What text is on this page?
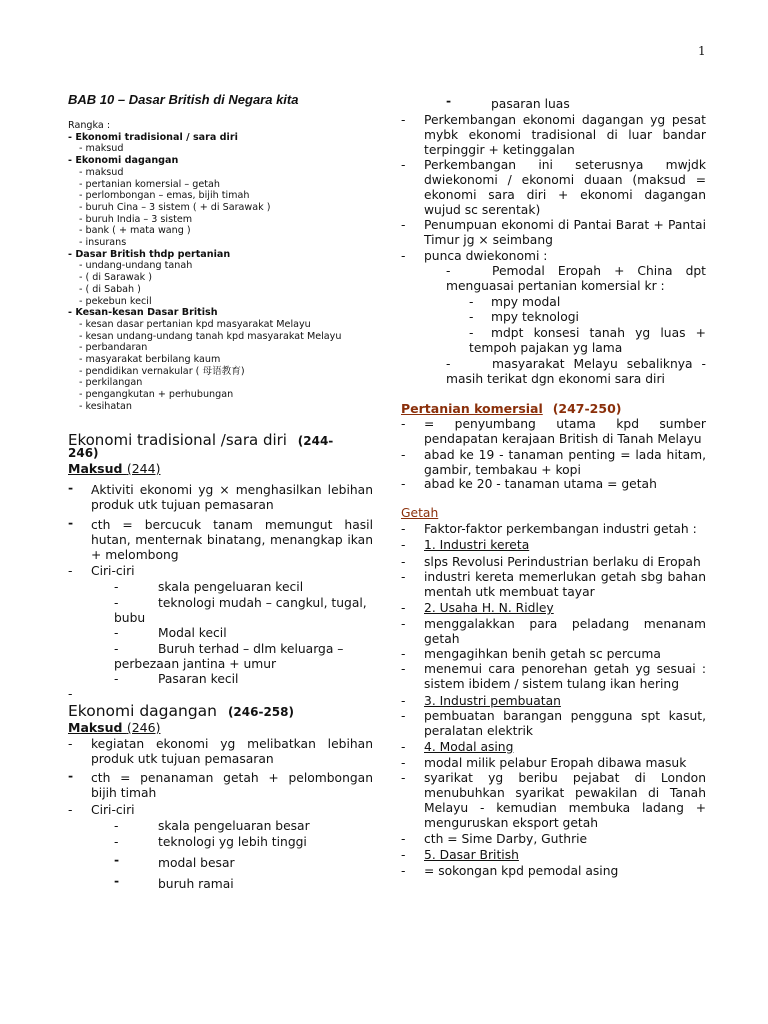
1
BAB 10 – Dasar British di Negara kita
Rangka :
- Ekonomi tradisional / sara diri
- maksud
- Ekonomi dagangan
- maksud
- pertanian komersial – getah
- perlombongan – emas, bijih timah
- buruh Cina – 3 sistem ( + di Sarawak )
- buruh India – 3 sistem
- bank ( + mata wang )
- insurans
- Dasar British thdp pertanian
- undang-undang tanah
- ( di Sarawak )
- ( di Sabah )
- pekebun kecil
- Kesan-kesan Dasar British
- kesan dasar pertanian kpd masyarakat Melayu
- kesan undang-undang tanah kpd masyarakat Melayu
- perbandaran
- masyarakat berbilang kaum
- pendidikan vernakular ( 母语教育)
- perkilangan
- pengangkutan + perhubungan
- kesihatan
Ekonomi tradisional /sara diri (244-
246)
Maksud (244)
- Aktiviti ekonomi yg × menghasilkan lebihan produk utk tujuan pemasaran
- cth = bercucuk tanam memungut hasil hutan, menternak binatang, menangkap ikan + melombong
- Ciri-ciri
-	skala pengeluaran kecil
-	teknologi mudah – cangkul, tugal,
bubu
-	Modal kecil
-	Buruh terhad – dlm keluarga –
perbezaan jantina + umur
-	Pasaran kecil
-
Ekonomi dagangan (246-258)
Maksud (246)
- kegiatan ekonomi yg melibatkan lebihan produk utk tujuan pemasaran
- cth = penanaman getah + pelombongan bijih timah
- Ciri-ciri
-	skala pengeluaran besar
-	teknologi yg lebih tinggi
-	modal besar
-	buruh ramai
-	pasaran luas
- Perkembangan ekonomi dagangan yg pesat mybk ekonomi tradisional di luar bandar terpinggir + ketinggalan
- Perkembangan ini seterusnya mwjdk dwiekonomi / ekonomi duaan (maksud = ekonomi sara diri + ekonomi dagangan wujud sc serentak)
- Penumpuan ekonomi di Pantai Barat + Pantai Timur jg × seimbang
- punca dwiekonomi :
-	Pemodal Eropah + China dpt menguasai pertanian komersial kr :
- mpy modal
- mpy teknologi
-	mdpt konsesi tanah yg luas + tempoh pajakan yg lama
-	masyarakat Melayu sebaliknya - masih terikat dgn ekonomi sara diri
Pertanian komersial (247-250)
- = penyumbang utama kpd sumber pendapatan kerajaan British di Tanah Melayu
- abad ke 19 - tanaman penting = lada hitam, gambir, tembakau + kopi
- abad ke 20 - tanaman utama = getah
Getah
- Faktor-faktor perkembangan industri getah :
- 1. Industri kereta
- slps Revolusi Perindustrian berlaku di Eropah
- industri kereta memerlukan getah sbg bahan mentah utk membuat tayar
- 2. Usaha H. N. Ridley
- menggalakkan para peladang menanam getah
- mengagihkan benih getah sc percuma
- menemui cara penorehan getah yg sesuai : sistem ibidem / sistem tulang ikan hering
- 3. Industri pembuatan
- pembuatan barangan pengguna spt kasut, peralatan elektrik
- 4. Modal asing
- modal milik pelabur Eropah dibawa masuk
- syarikat yg beribu pejabat di London menubuhkan syarikat pewakilan di Tanah Melayu - kemudian membuka ladang + menguruskan eksport getah
- cth = Sime Darby, Guthrie
- 5. Dasar British
- = sokongan kpd pemodal asing
